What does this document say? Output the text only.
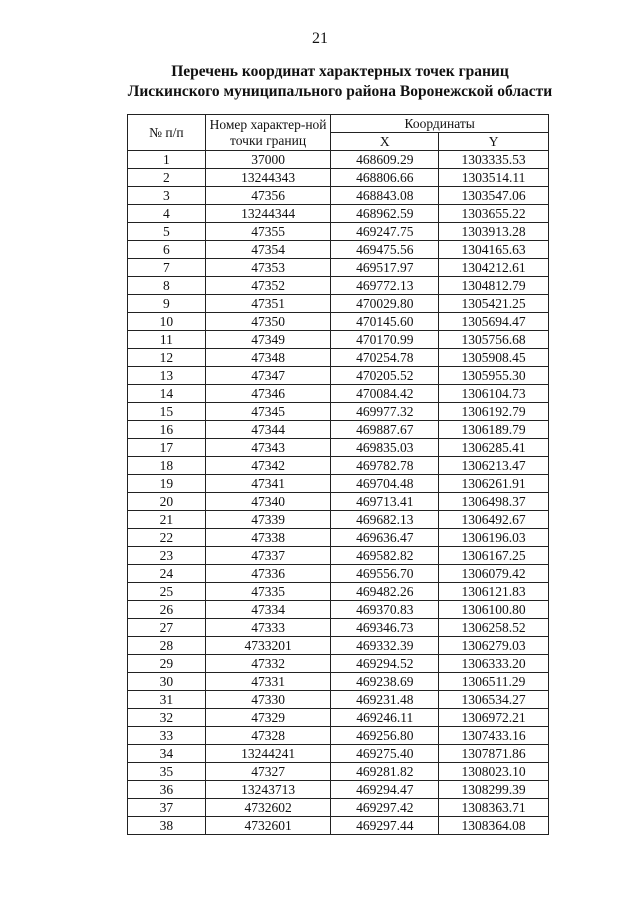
21
Перечень координат характерных точек границ
Лискинского муниципального района Воронежской области
№ п/п	Номер характер-ной точки границ	Координаты	
		X	Y
1	37000	468609.29	1303335.53
2	13244343	468806.66	1303514.11
3	47356	468843.08	1303547.06
4	13244344	468962.59	1303655.22
5	47355	469247.75	1303913.28
6	47354	469475.56	1304165.63
7	47353	469517.97	1304212.61
8	47352	469772.13	1304812.79
9	47351	470029.80	1305421.25
10	47350	470145.60	1305694.47
11	47349	470170.99	1305756.68
12	47348	470254.78	1305908.45
13	47347	470205.52	1305955.30
14	47346	470084.42	1306104.73
15	47345	469977.32	1306192.79
16	47344	469887.67	1306189.79
17	47343	469835.03	1306285.41
18	47342	469782.78	1306213.47
19	47341	469704.48	1306261.91
20	47340	469713.41	1306498.37
21	47339	469682.13	1306492.67
22	47338	469636.47	1306196.03
23	47337	469582.82	1306167.25
24	47336	469556.70	1306079.42
25	47335	469482.26	1306121.83
26	47334	469370.83	1306100.80
27	47333	469346.73	1306258.52
28	4733201	469332.39	1306279.03
29	47332	469294.52	1306333.20
30	47331	469238.69	1306511.29
31	47330	469231.48	1306534.27
32	47329	469246.11	1306972.21
33	47328	469256.80	1307433.16
34	13244241	469275.40	1307871.86
35	47327	469281.82	1308023.10
36	13243713	469294.47	1308299.39
37	4732602	469297.42	1308363.71
38	4732601	469297.44	1308364.08
